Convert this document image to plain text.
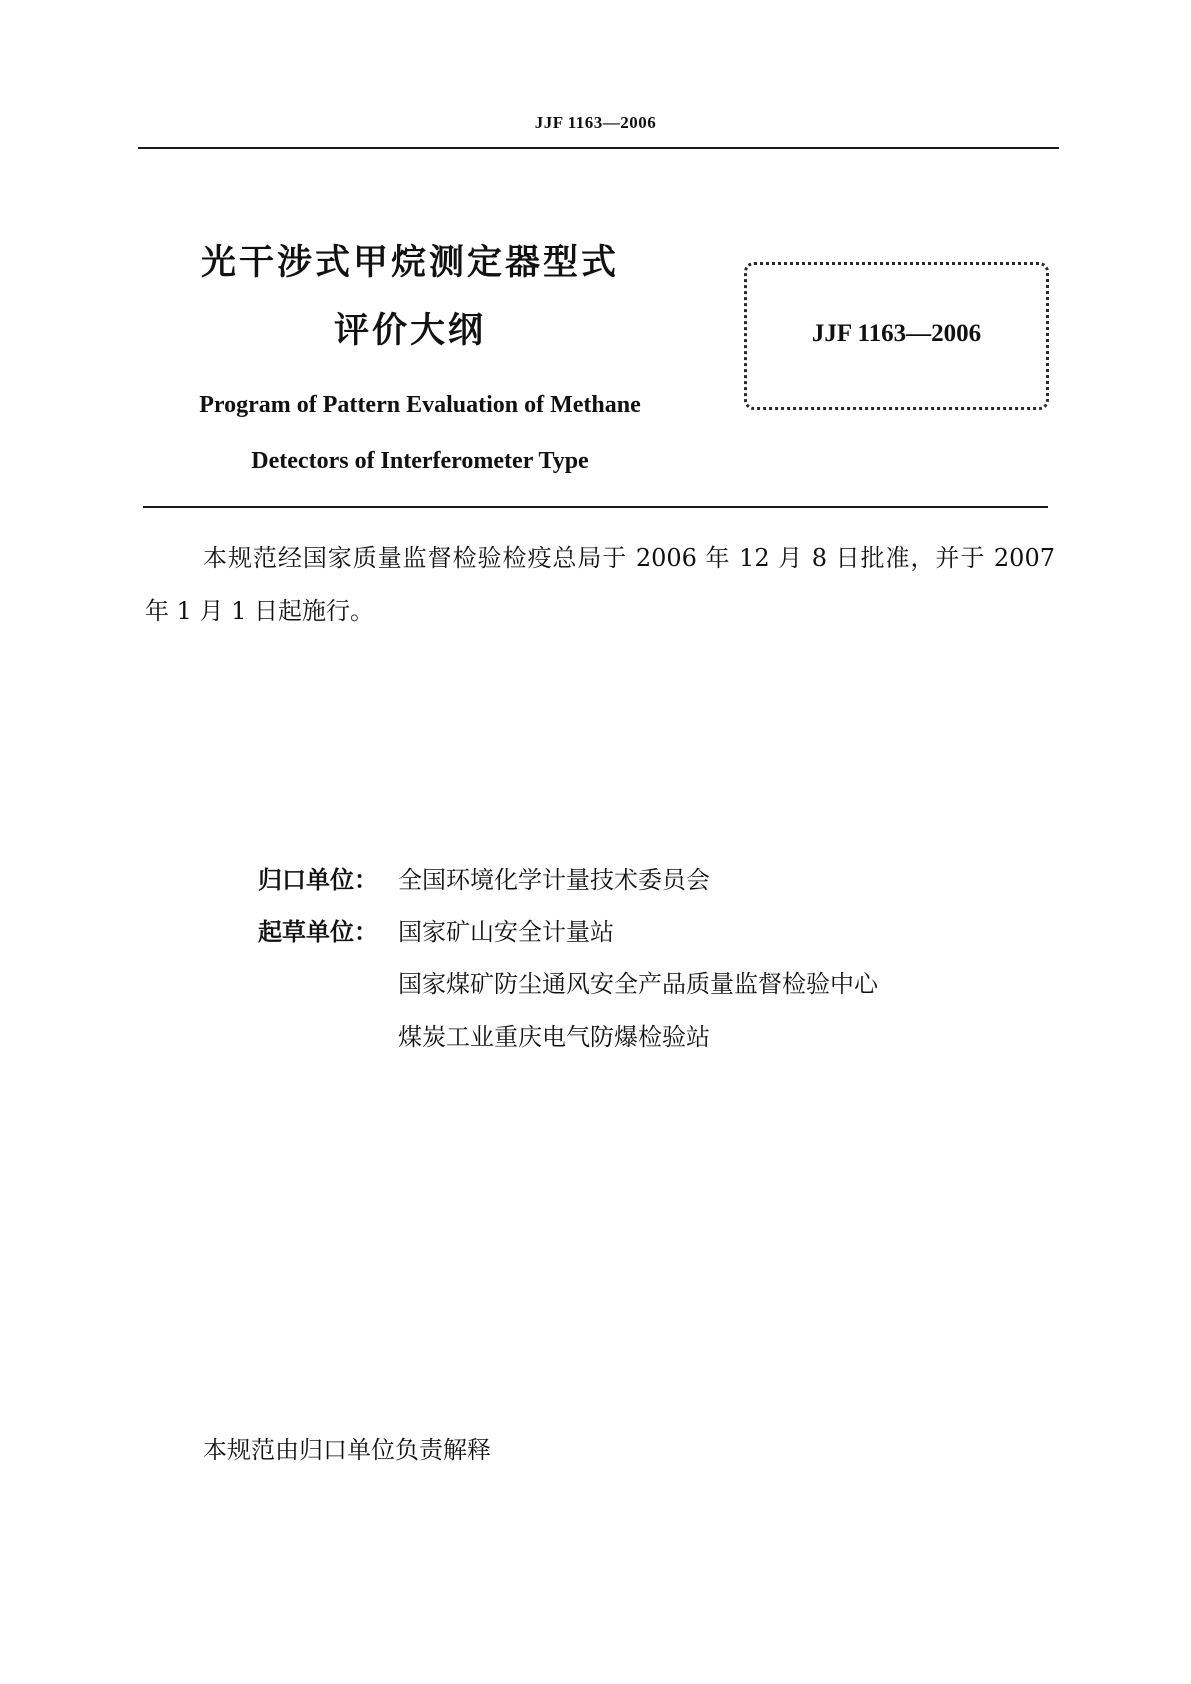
JJF 1163—2006
光干涉式甲烷测定器型式
评价大纲
Program of Pattern Evaluation of Methane
Detectors of Interferometer Type
JJF 1163—2006
本规范经国家质量监督检验检疫总局于 2006 年 12 月 8 日批准，并于 2007 年 1 月 1 日起施行。
归口单位： 全国环境化学计量技术委员会
起草单位： 国家矿山安全计量站
国家煤矿防尘通风安全产品质量监督检验中心
煤炭工业重庆电气防爆检验站
本规范由归口单位负责解释
